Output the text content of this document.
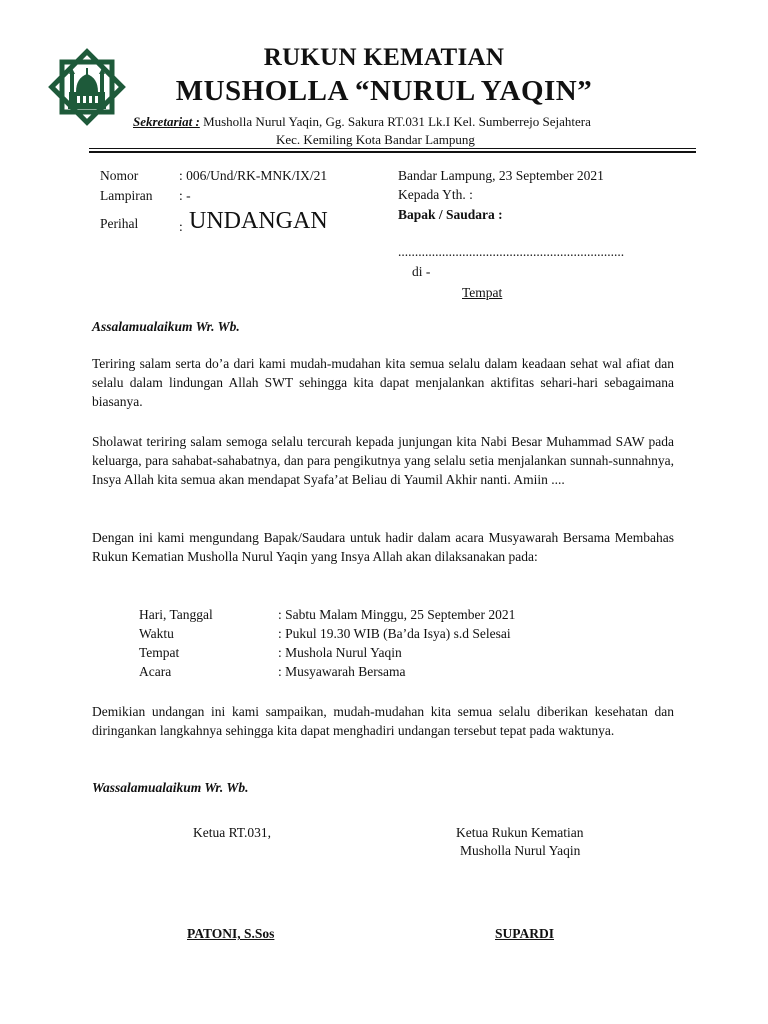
RUKUN KEMATIAN
MUSHOLLA “NURUL YAQIN”
Sekretariat : Musholla Nurul Yaqin, Gg. Sakura RT.031 Lk.I Kel. Sumberrejo Sejahtera
Kec. Kemiling Kota Bandar Lampung
Nomor	: 006/Und/RK-MNK/IX/21
Lampiran : -
Perihal	: UNDANGAN
Bandar Lampung, 23 September 2021
Kepada Yth. :
Bapak / Saudara :
...................................................................
di -
Tempat
Assalamualaikum Wr. Wb.
Teriring salam serta do’a dari kami mudah-mudahan kita semua selalu dalam keadaan sehat wal afiat dan selalu dalam lindungan Allah SWT sehingga kita dapat menjalankan aktifitas sehari-hari sebagaimana biasanya.
Sholawat teriring salam semoga selalu tercurah kepada junjungan kita Nabi Besar Muhammad SAW pada keluarga, para sahabat-sahabatnya, dan para pengikutnya yang selalu setia menjalankan sunnah-sunnahnya, Insya Allah kita semua akan mendapat Syafa’at Beliau di Yaumil Akhir nanti. Amiin ....
Dengan ini kami mengundang Bapak/Saudara untuk hadir dalam acara Musyawarah Bersama Membahas Rukun Kematian Musholla Nurul Yaqin yang Insya Allah akan dilaksanakan pada:
Hari, Tanggal	: Sabtu Malam Minggu, 25 September 2021
Waktu	: Pukul 19.30 WIB (Ba’da Isya) s.d Selesai
Tempat	: Mushola Nurul Yaqin
Acara	: Musyawarah Bersama
Demikian undangan ini kami sampaikan, mudah-mudahan kita semua selalu diberikan kesehatan dan diringankan langkahnya sehingga kita dapat menghadiri undangan tersebut tepat pada waktunya.
Wassalamualaikum Wr. Wb.
Ketua RT.031,
PATONI, S.Sos
Ketua Rukun Kematian
Musholla Nurul Yaqin
SUPARDI
